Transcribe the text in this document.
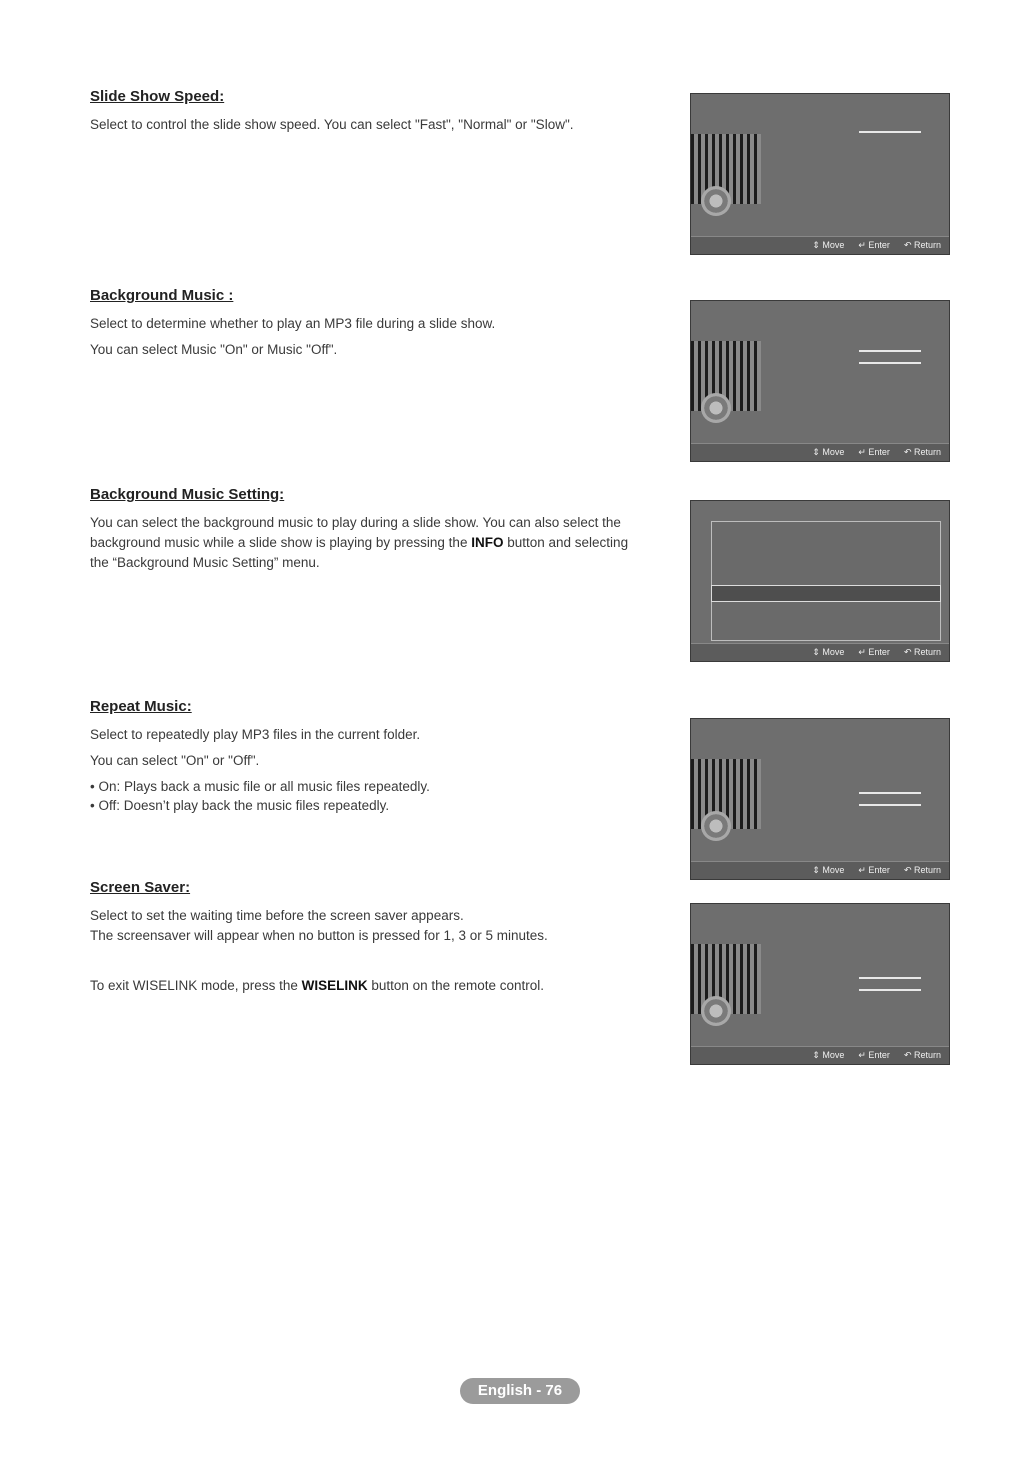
Slide Show Speed:

Select to control the slide show speed. You can select "Fast", "Normal" or "Slow".

Background Music :

Select to determine whether to play an MP3 file during a slide show.

You can select Music "On" or Music "Off".

Background Music Setting:

You can select the background music to play during a slide show. You can also select the background music while a slide show is playing by pressing the INFO button and selecting the “Background Music Setting” menu.

Repeat Music:

Select to repeatedly play MP3 files in the current folder.

You can select "On" or "Off".

• On: Plays back a music file or all music files repeatedly.

• Off: Doesn’t play back the music files repeatedly.

Screen Saver:

Select to set the waiting time before the screen saver appears.

The screensaver will appear when no button is pressed for 1, 3 or 5 minutes.

To exit WISELINK mode, press the WISELINK button on the remote control.

⇕ Move ↵ Enter ↶ Return
⇕ Move ↵ Enter ↶ Return
⇕ Move ↵ Enter ↶ Return
⇕ Move ↵ Enter ↶ Return
⇕ Move ↵ Enter ↶ Return
English - 76
